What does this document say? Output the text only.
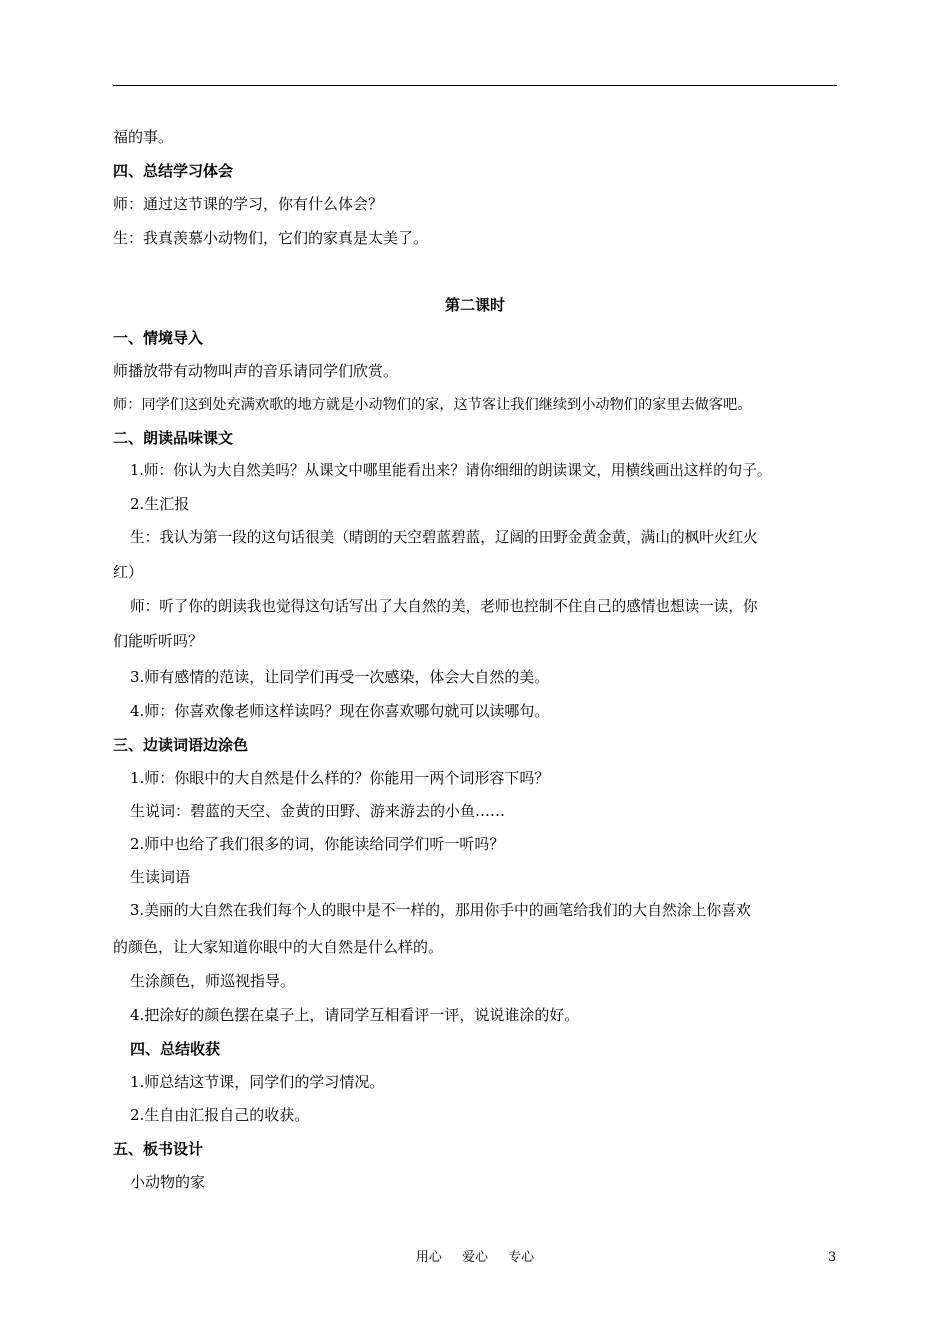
福的事。
四、总结学习体会
师：通过这节课的学习，你有什么体会？
生：我真羡慕小动物们，它们的家真是太美了。
第二课时
一、情境导入
师播放带有动物叫声的音乐请同学们欣赏。
师：同学们这到处充满欢歌的地方就是小动物们的家，这节客让我们继续到小动物们的家里去做客吧。
二、朗读品味课文
1.师：你认为大自然美吗？从课文中哪里能看出来？请你细细的朗读课文，用横线画出这样的句子。
2.生汇报
生：我认为第一段的这句话很美（晴朗的天空碧蓝碧蓝，辽阔的田野金黄金黄，满山的枫叶火红火
红）
师：听了你的朗读我也觉得这句话写出了大自然的美，老师也控制不住自己的感情也想读一读，你
们能听听吗？
3.师有感情的范读，让同学们再受一次感染，体会大自然的美。
4.师：你喜欢像老师这样读吗？现在你喜欢哪句就可以读哪句。
三、边读词语边涂色
1.师：你眼中的大自然是什么样的？你能用一两个词形容下吗？
生说词：碧蓝的天空、金黄的田野、游来游去的小鱼……
2.师中也给了我们很多的词，你能读给同学们听一听吗？
生读词语
3.美丽的大自然在我们每个人的眼中是不一样的，那用你手中的画笔给我们的大自然涂上你喜欢
的颜色，让大家知道你眼中的大自然是什么样的。
生涂颜色，师巡视指导。
4.把涂好的颜色摆在桌子上，请同学互相看评一评，说说谁涂的好。
四、总结收获
1.师总结这节课，同学们的学习情况。
2.生自由汇报自己的收获。
五、板书设计
小动物的家
用心 爱心 专心	3
